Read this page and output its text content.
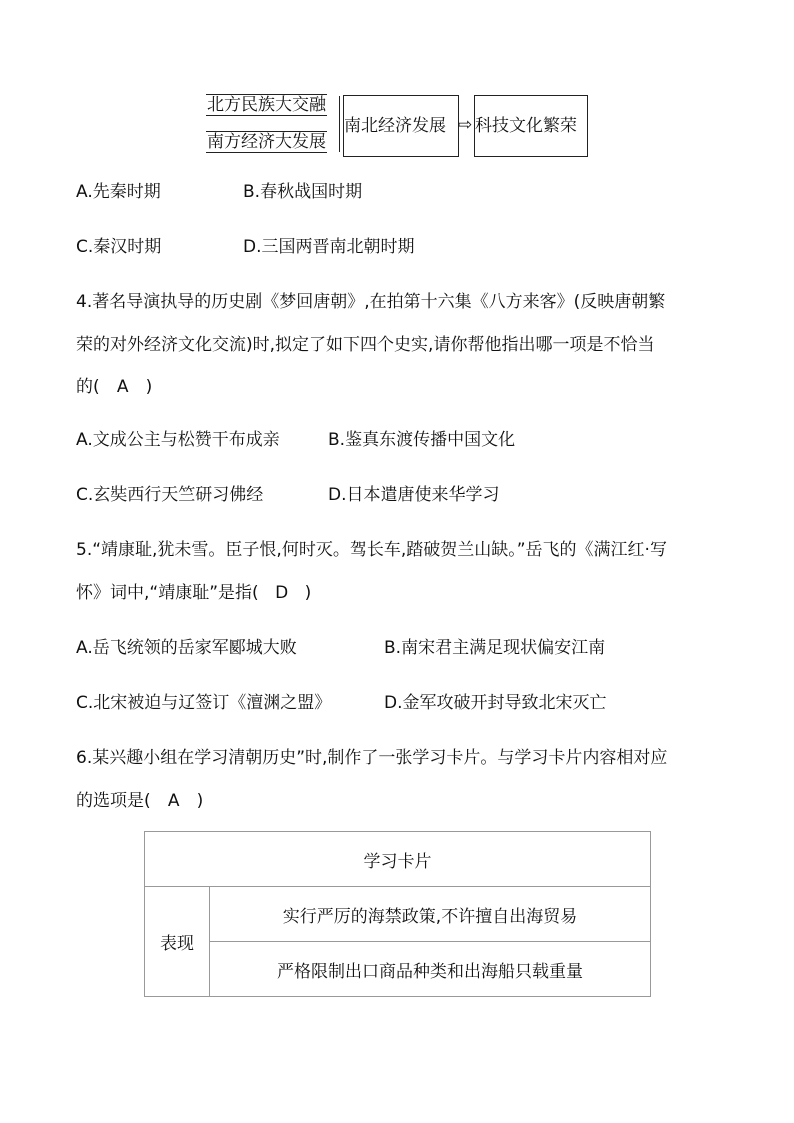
北方民族大交融
南方经济大发展
南北经济发展 ⇨ 科技文化繁荣
A.先秦时期	B.春秋战国时期
C.秦汉时期	D.三国两晋南北朝时期
4.著名导演执导的历史剧《梦回唐朝》,在拍第十六集《八方来客》(反映唐朝繁
荣的对外经济文化交流)时,拟定了如下四个史实,请你帮他指出哪一项是不恰当
的( A )
A.文成公主与松赞干布成亲	B.鉴真东渡传播中国文化
C.玄奘西行天竺研习佛经	D.日本遣唐使来华学习
5.“靖康耻,犹未雪。臣子恨,何时灭。驾长车,踏破贺兰山缺。”岳飞的《满江红·写
怀》词中,“靖康耻”是指( D )
A.岳飞统领的岳家军郾城大败	B.南宋君主满足现状偏安江南
C.北宋被迫与辽签订《澶渊之盟》	D.金军攻破开封导致北宋灭亡
6.某兴趣小组在学习清朝历史”时,制作了一张学习卡片。与学习卡片内容相对应
的选项是( A )
学习卡片
表现	实行严厉的海禁政策,不许擅自出海贸易
严格限制出口商品种类和出海船只载重量
